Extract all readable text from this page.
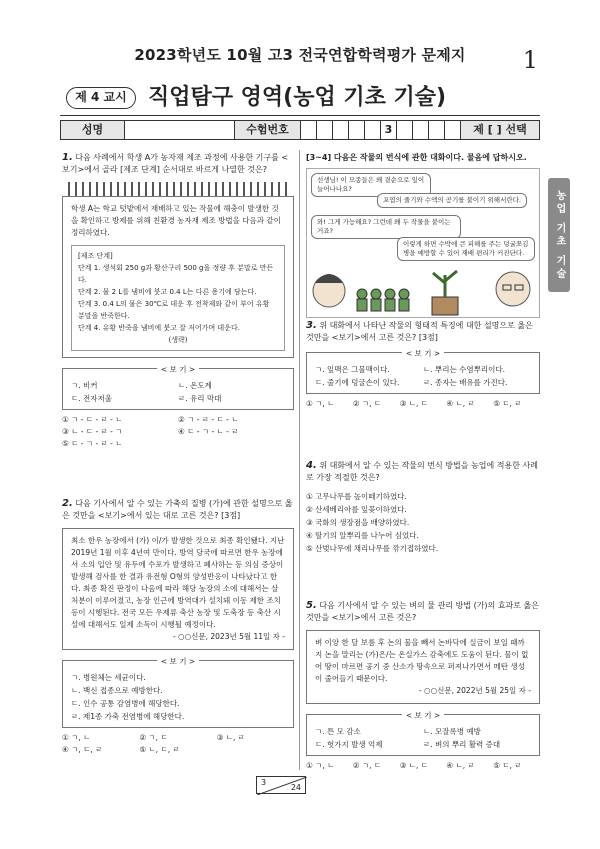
2023학년도 10월 고3 전국연합학력평가 문제지	1
제 4 교시 직업탐구 영역(농업 기초 기술)
성명	수험번호	3	제 [ ] 선택
농업 기초 기술
1. 다음 사례에서 학생 A가 농자재 제조 과정에 사용한 기구를 <보기>에서 골라 [제조 단계] 순서대로 바르게 나열한 것은?
학생 A는 학교 텃밭에서 재배하고 있는 작물에 해충이 발생한 것을 확인하고 방제를 위해 친환경 농자재 제조 방법을 다음과 같이 정리하였다.
[제조 단계]
단계 1. 생석회 250 g과 황산구리 500 g을 정량 후 분말로 만든다.
단계 2. 물 2 L를 냄비에 붓고 0.4 L는 다른 용기에 담는다.
단계 3. 0.4 L의 물은 30℃로 데운 후 전착제와 같이 부어 유황 분말을 반죽한다.
단계 4. 유황 반죽을 냄비에 붓고 잘 저어가며 데운다.
(생략)
< 보 기 >
ㄱ. 비커	ㄴ. 온도계
ㄷ. 전자저울	ㄹ. 유리 막대
① ㄱ - ㄷ - ㄹ - ㄴ	② ㄱ - ㄹ - ㄷ - ㄴ
③ ㄴ - ㄷ - ㄹ - ㄱ	④ ㄷ - ㄱ - ㄴ - ㄹ
⑤ ㄷ - ㄱ - ㄹ - ㄴ
2. 다음 기사에서 알 수 있는 가축의 질병 (가)에 관한 설명으로 옳은 것만을 <보기>에서 있는 대로 고른 것은? [3점]
최소 한우 농장에서 (가) 이/가 발생한 것으로 최종 확인됐다. 지난 2019년 1월 이후 4년여 만이다. 방역 당국에 따르면 한우 농장에서 소의 입안 및 유두에 수포가 발생하고 폐사하는 등 의심 증상이 발생해 검사를 한 결과 유전형 O형의 양성반응이 나타났다고 한다. 최종 확진 판정이 나옴에 따라 해당 농장의 소에 대해서는 살처분이 이루어졌고, 농장 인근에 방역대가 설치돼 이동 제한 조치 등이 시행된다. 전국 모든 우제류 축산 농장 및 도축장 등 축산 시설에 대해서도 일제 소독이 시행될 예정이다.
- ○○신문, 2023년 5월 11일 자 -
< 보 기 >
ㄱ. 병원체는 세균이다.
ㄴ. 백신 접종으로 예방한다.
ㄷ. 인수 공통 감염병에 해당한다.
ㄹ. 제1종 가축 전염병에 해당한다.
① ㄱ, ㄴ	② ㄱ, ㄷ	③ ㄴ, ㄹ
④ ㄱ, ㄷ, ㄹ	⑤ ㄴ, ㄷ, ㄹ
[3~4] 다음은 작물의 번식에 관한 대화이다. 물음에 답하시오.
선생님! 이 모종들은 왜 곁순으로 잎이 늘어나나요?
포엽의 줄기와 수액의 공기를 불이기 위해서란다.
와! 그게 가능해요? 그런데 왜 두 작물을 붙이는 거죠?
이렇게 하면 수박에 큰 피해를 주는 덩굴쪼김병을 예방할 수 있어 재배 편리가 커진단다.
3. 위 대화에서 나타난 작물의 형태적 특징에 대한 설명으로 옳은 것만을 <보기>에서 고른 것은? [3점]
< 보 기 >
ㄱ. 잎맥은 그물맥이다.	ㄴ. 뿌리는 수염뿌리이다.
ㄷ. 줄기에 덩굴손이 있다.	ㄹ. 종자는 배유를 가진다.
① ㄱ, ㄴ	② ㄱ, ㄷ	③ ㄴ, ㄷ	④ ㄴ, ㄹ	⑤ ㄷ, ㄹ
4. 위 대화에서 알 수 있는 작물의 번식 방법을 농업에 적용한 사례로 가장 적절한 것은?
① 고무나무를 높이떼기하였다.
② 산세베리아를 잎꽂이하였다.
③ 국화의 생장점을 배양하였다.
④ 딸기의 알뿌리를 나누어 심었다.
⑤ 산벚나무에 채리나무를 깎기접하였다.
5. 다음 기사에서 알 수 있는 벼의 물 관리 방법 (가)의 효과로 옳은 것만을 <보기>에서 고른 것은?
벼 이앙 한 달 보름 후 논의 물을 빼서 논바닥에 실금이 보일 때까지 논을 말리는 (가)은/는 온실가스 감축에도 도움이 된다. 물이 없어 땅이 마르면 공기 중 산소가 땅속으로 퍼져나가면서 메탄 생성이 줄어들기 때문이다.
- ○○신문, 2022년 5월 25일 자 -
< 보 기 >
ㄱ. 튼 모 감소	ㄴ. 모잘록병 예방
ㄷ. 헛가지 발생 억제	ㄹ. 벼의 뿌리 활력 증대
① ㄱ, ㄴ	② ㄱ, ㄷ	③ ㄴ, ㄷ	④ ㄴ, ㄹ	⑤ ㄷ, ㄹ
3
24
